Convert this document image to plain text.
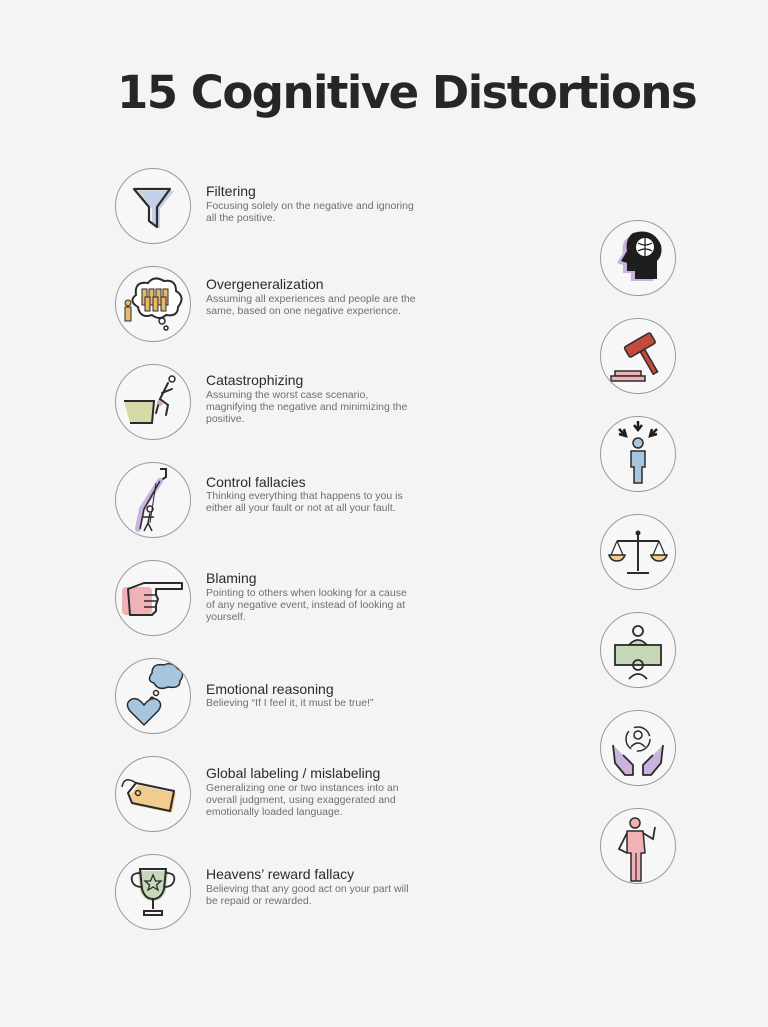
15 Cognitive Distortions
Filtering
Focusing solely on the negative and ignoring all the positive.
Overgeneralization
Assuming all experiences and people are the same, based on one negative experience.
Catastrophizing
Assuming the worst case scenario, magnifying the negative and minimizing the positive.
Control fallacies
Thinking everything that happens to you is either all your fault or not at all your fault.
Blaming
Pointing to others when looking for a cause of any negative event, instead of looking at yourself.
Emotional reasoning
Believing “If I feel it, it must be true!”
Global labeling / mislabeling
Generalizing one or two instances into an overall judgment, using exaggerated and emotionally loaded language.
Heavens’ reward fallacy
Believing that any good act on your part will be repaid or rewarded.
